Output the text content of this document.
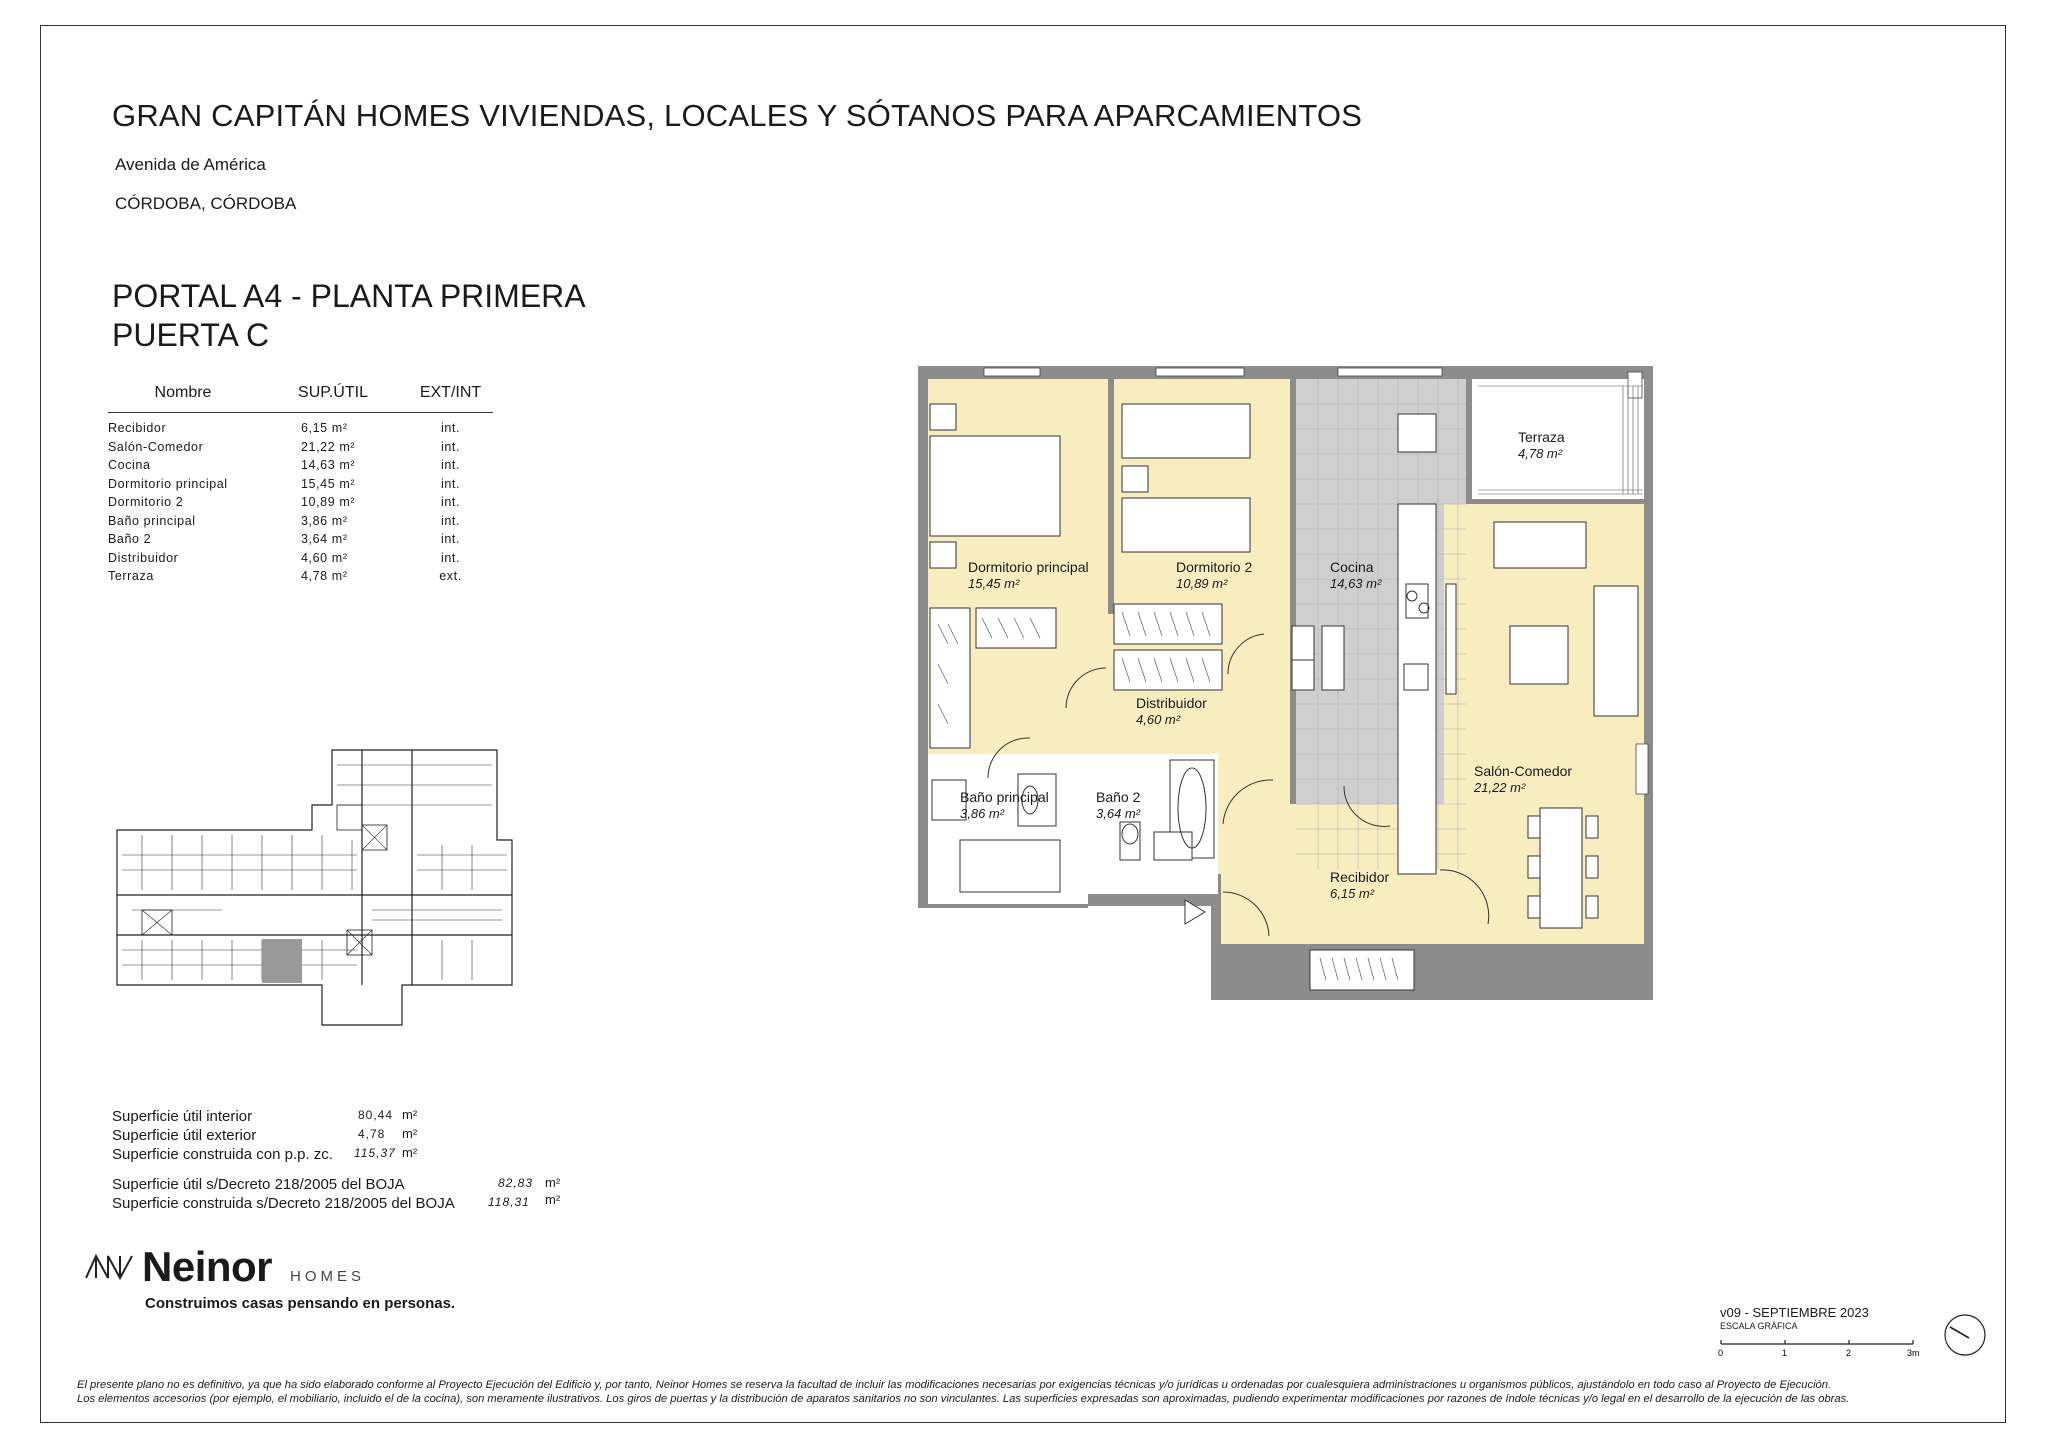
GRAN CAPITÁN HOMES VIVIENDAS, LOCALES Y SÓTANOS PARA APARCAMIENTOS
Avenida de América
CÓRDOBA, CÓRDOBA
PORTAL A4 - PLANTA PRIMERA
PUERTA C
Nombre	SUP.ÚTIL	EXT/INT

Recibidor	6,15 m²	int.
Salón-Comedor	21,22 m²	int.
Cocina	14,63 m²	int.
Dormitorio principal	15,45 m²	int.
Dormitorio 2	10,89 m²	int.
Baño principal	3,86 m²	int.
Baño 2	3,64 m²	int.
Distribuidor	4,60 m²	int.
Terraza	4,78 m²	ext.
Superficie útil interior	80,44 m²
Superficie útil exterior	4,78 m²
Superficie construida con p.p. zc. 115,37 m²
Superficie útil s/Decreto 218/2005 del BOJA	82,83 m²
Superficie construida s/Decreto 218/2005 del BOJA	118,31 m²
Neinor HOMES
Construimos casas pensando en personas.
v09 - SEPTIEMBRE 2023
ESCALA GRÁFICA
0	1	2	3m
Dormitorio principal
15,45 m²
Dormitorio 2
10,89 m²
Cocina
14,63 m²
Terraza
4,78 m²
Distribuidor
4,60 m²
Baño principal
3,86 m²
Baño 2
3,64 m²
Salón-Comedor
21,22 m²
Recibidor
6,15 m²
El presente plano no es definitivo, ya que ha sido elaborado conforme al Proyecto Ejecución del Edificio y, por tanto, Neinor Homes se reserva la facultad de incluir las modificaciones necesarias por exigencias técnicas y/o jurídicas u ordenadas por cualesquiera administraciones u organismos públicos, ajustándolo en todo caso al Proyecto de Ejecución.
Los elementos accesorios (por ejemplo, el mobiliario, incluido el de la cocina), son meramente ilustrativos. Los giros de puertas y la distribución de aparatos sanitarios no son vinculantes. Las superficies expresadas son aproximadas, pudiendo experimentar modificaciones por razones de índole técnicas y/o legal en el desarrollo de la ejecución de las obras.
